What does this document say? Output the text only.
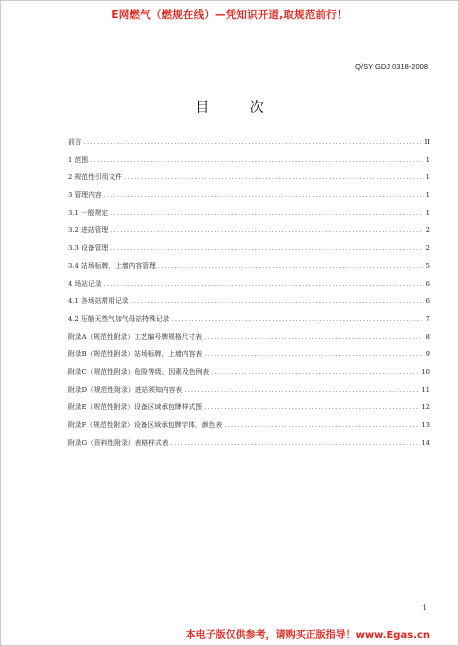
E网燃气（燃规在线）—凭知识开道,取规范前行！
Q/SY GDJ 0318-2008
目 次
前言 .....	II
1 范围 .....	1
2 规范性引用文件 .....	1
3 管理内容 .....	1
3.1 一般规定 .....	1
3.2 进站管理 .....	2
3.3 设备管理 .....	2
3.4 站场标牌、上墙内容管理 .....	5
4 场站记录 .....	6
4.1 各场站常用记录 .....	6
4.2 压缩天然气加气母站特殊记录 .....	7
附录A（规范性附录）工艺编号牌规格尺寸表 .....	8
附录B（规范性附录）站场标牌、上墙内容表 .....	9
附录C（规范性附录）危险等级、因素及色例表 .....	10
附录D（规范性附录）进站须知内容表 .....	11
附录E（规范性附录）设备区域承包牌样式图 .....	12
附录F（规范性附录）设备区域承包牌字体、颜色表 .....	13
附录G（资料性附录）表格样式表 .....	14
1
本电子版仅供参考，请购买正版指导！www.Egas.cn
